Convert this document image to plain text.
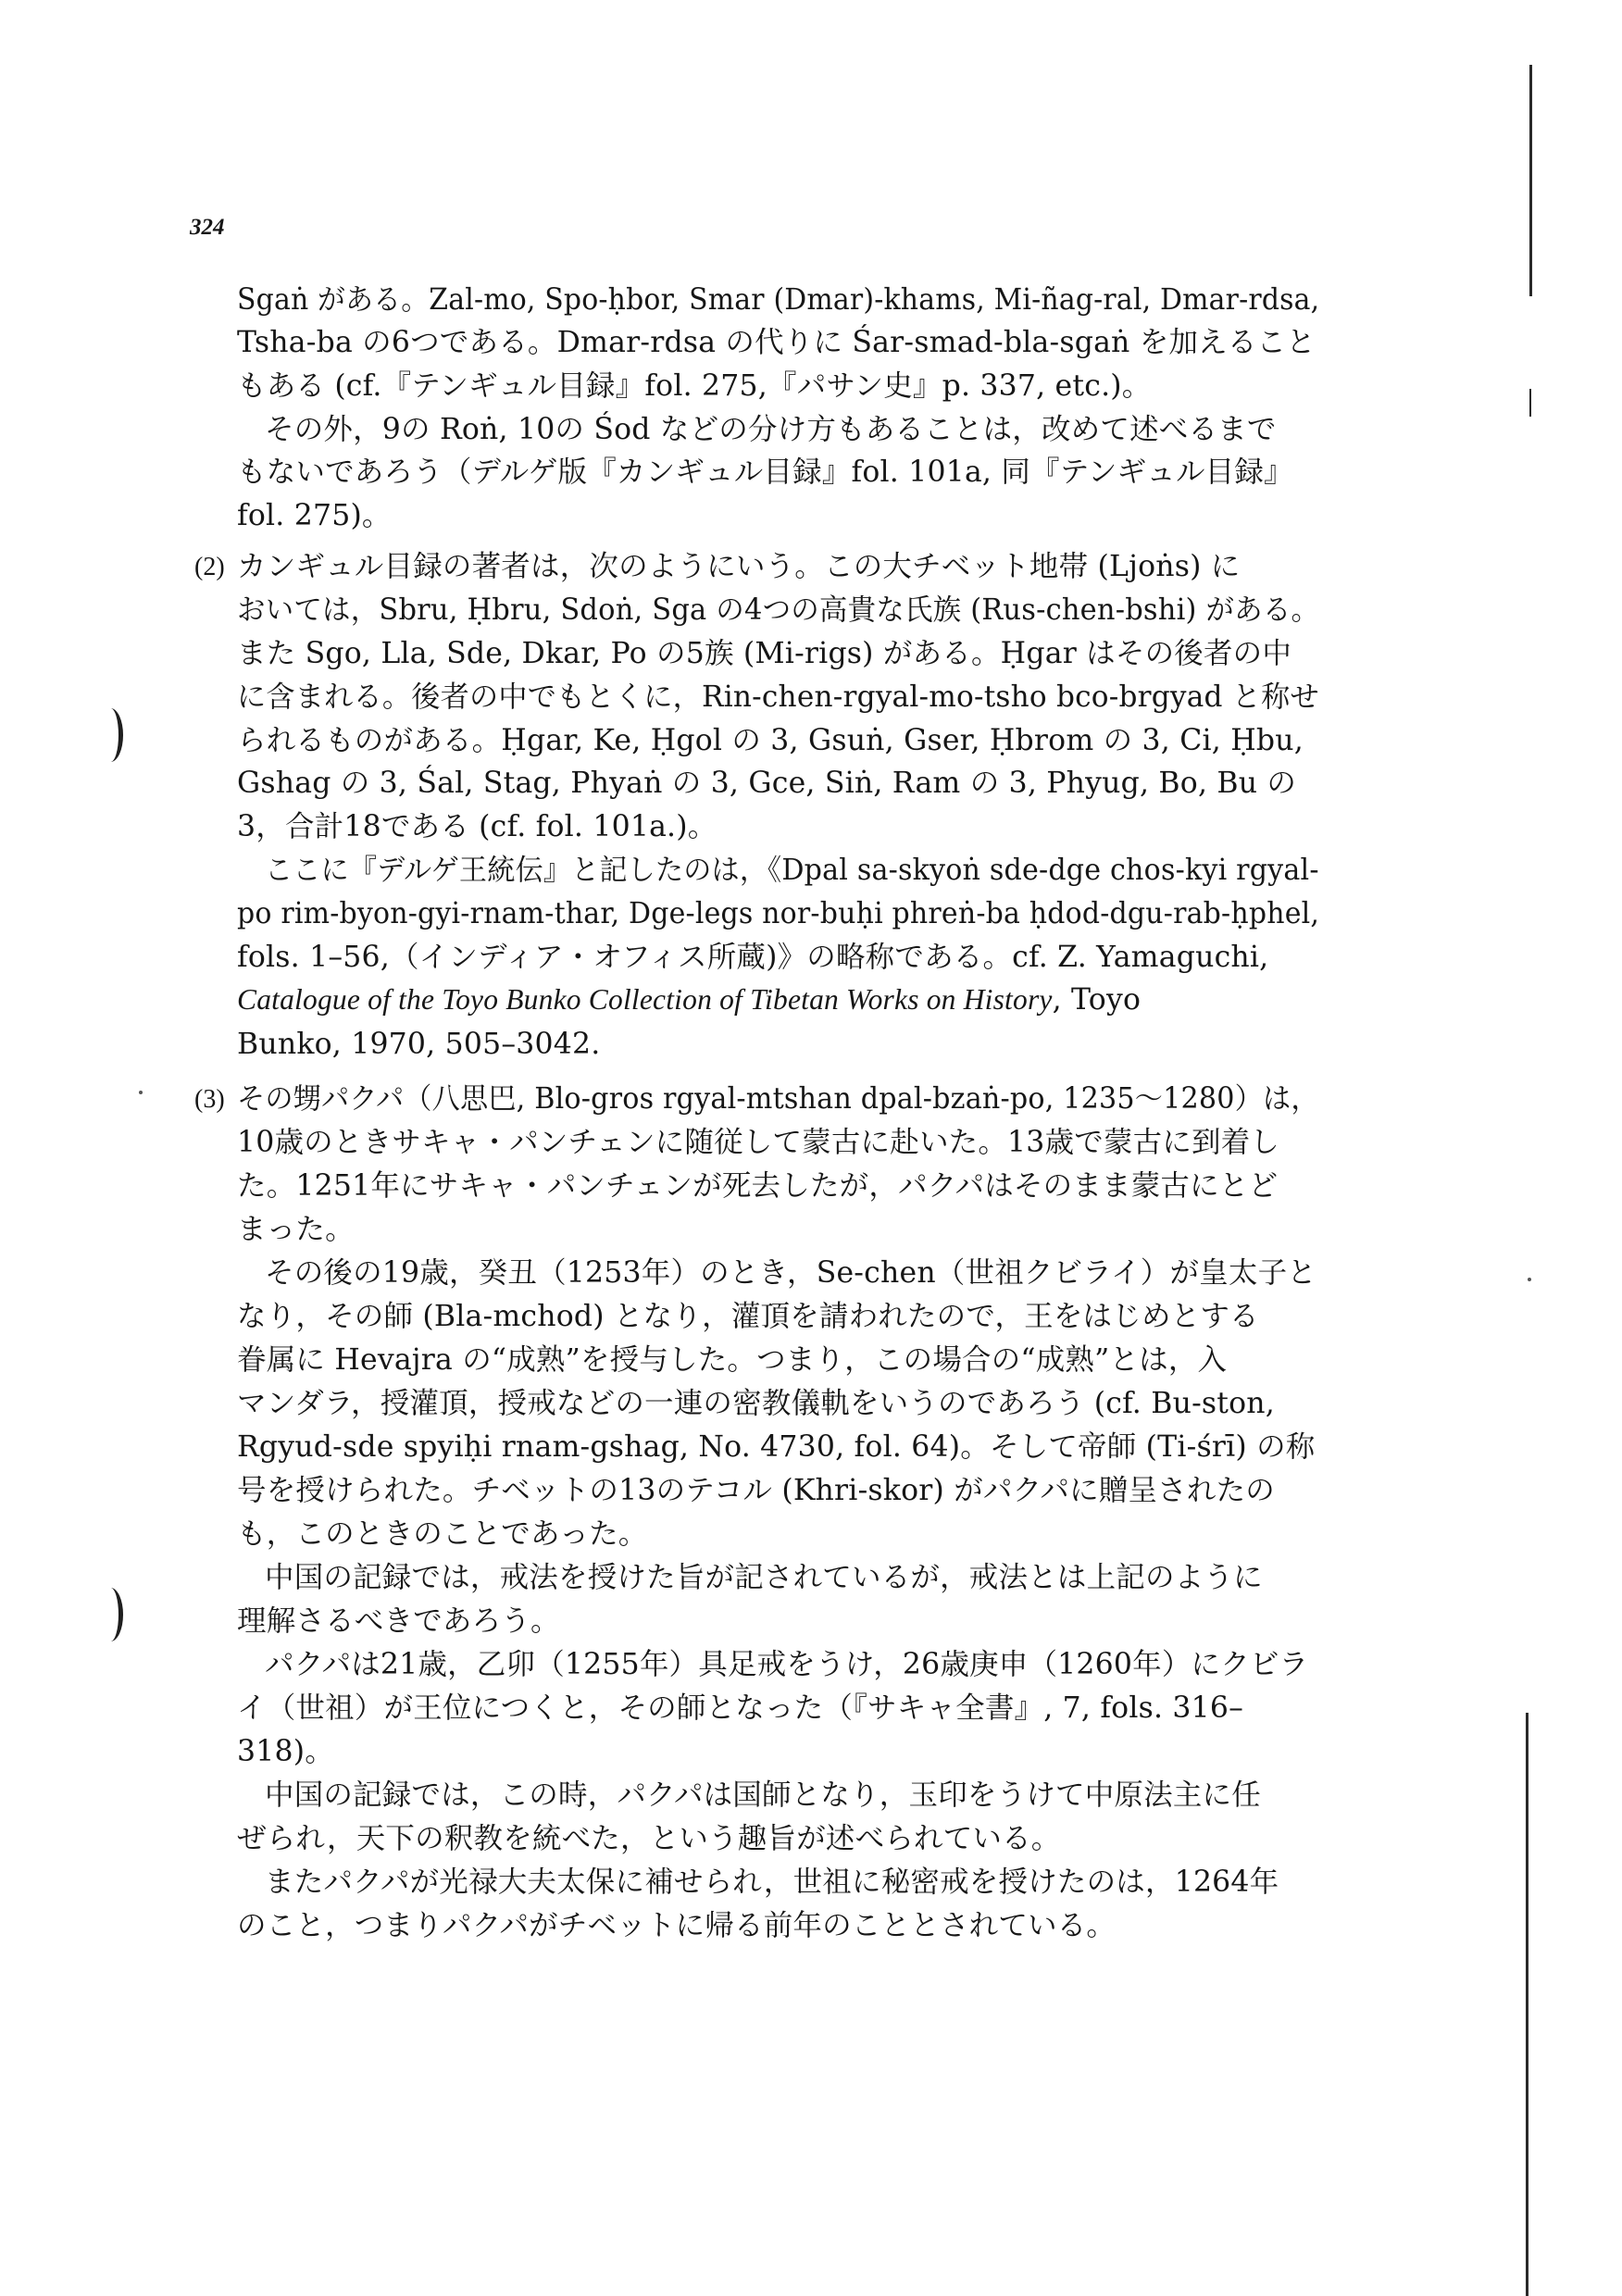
324
Sgaṅ がある。Zal-mo, Spo-ḥbor, Smar (Dmar)-khams, Mi-ñag-ral, Dmar-rdsa,
Tsha-ba の6つである。Dmar-rdsa の代りに Śar-smad-bla-sgaṅ を加えること
もある (cf.『テンギュル目録』fol. 275,『パサン史』p. 337, etc.)。
その外，9の Roṅ, 10の Śod などの分け方もあることは，改めて述べるまで
もないであろう（デルゲ版『カンギュル目録』fol. 101a, 同『テンギュル目録』
fol. 275)。
(2) カンギュル目録の著者は，次のようにいう。この大チベット地帯 (Ljoṅs) に
おいては，Sbru, Ḥbru, Sdoṅ, Sga の4つの高貴な氏族 (Rus-chen-bshi) がある。
また Sgo, Lla, Sde, Dkar, Po の5族 (Mi-rigs) がある。Ḥgar はその後者の中
に含まれる。後者の中でもとくに，Rin-chen-rgyal-mo-tsho bco-brgyad と称せ
られるものがある。Ḥgar, Ke, Ḥgol の 3, Gsuṅ, Gser, Ḥbrom の 3, Ci, Ḥbu,
Gshag の 3, Śal, Stag, Phyaṅ の 3, Gce, Siṅ, Ram の 3, Phyug, Bo, Bu の
3，合計18である (cf. fol. 101a.)。
ここに『デルゲ王統伝』と記したのは，《Dpal sa-skyoṅ sde-dge chos-kyi rgyal-
po rim-byon-gyi-rnam-thar, Dge-legs nor-buḥi phreṅ-ba ḥdod-dgu-rab-ḥphel,
fols. 1–56,（インディア・オフィス所蔵)》の略称である。cf. Z. Yamaguchi,
Catalogue of the Toyo Bunko Collection of Tibetan Works on History, Toyo
Bunko, 1970, 505–3042.
(3) その甥パクパ（八思巴, Blo-gros rgyal-mtshan dpal-bzaṅ-po, 1235〜1280）は，
10歳のときサキャ・パンチェンに随従して蒙古に赴いた。13歳で蒙古に到着し
た。1251年にサキャ・パンチェンが死去したが，パクパはそのまま蒙古にとど
まった。
その後の19歳，癸丑（1253年）のとき，Se-chen（世祖クビライ）が皇太子と
なり，その師 (Bla-mchod) となり，灌頂を請われたので，王をはじめとする
眷属に Hevajra の“成熟”を授与した。つまり，この場合の“成熟”とは，入
マンダラ，授灌頂，授戒などの一連の密教儀軌をいうのであろう (cf. Bu-ston,
Rgyud-sde spyiḥi rnam-gshag, No. 4730, fol. 64)。そして帝師 (Ti-śrī) の称
号を授けられた。チベットの13のテコル (Khri-skor) がパクパに贈呈されたの
も，このときのことであった。
中国の記録では，戒法を授けた旨が記されているが，戒法とは上記のように
理解さるべきであろう。
パクパは21歳，乙卯（1255年）具足戒をうけ，26歳庚申（1260年）にクビラ
イ（世祖）が王位につくと，その師となった（『サキャ全書』, 7, fols. 316–
318)。
中国の記録では，この時，パクパは国師となり，玉印をうけて中原法主に任
ぜられ，天下の釈教を統べた，という趣旨が述べられている。
またパクパが光禄大夫太保に補せられ，世祖に秘密戒を授けたのは，1264年
のこと，つまりパクパがチベットに帰る前年のこととされている。
